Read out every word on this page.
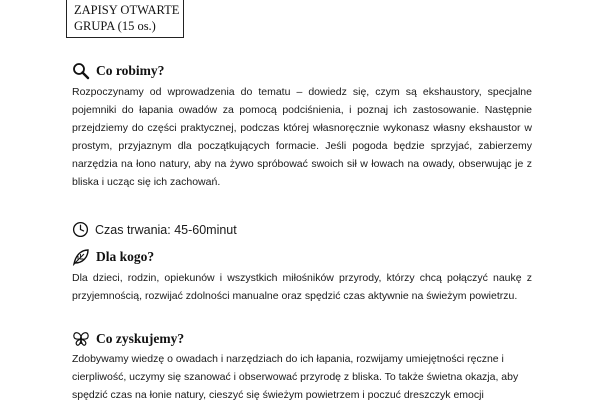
ZAPISY OTWARTE
GRUPA (15 os.)
Co robimy?
Rozpoczynamy od wprowadzenia do tematu – dowiedz się, czym są ekshaustory, specjalne pojemniki do łapania owadów za pomocą podciśnienia, i poznaj ich zastosowanie. Następnie przejdziemy do części praktycznej, podczas której własnoręcznie wykonasz własny ekshaustor w prostym, przyjaznym dla początkujących formacie. Jeśli pogoda będzie sprzyjać, zabierzemy narzędzia na łono natury, aby na żywo spróbować swoich sił w łowach na owady, obserwując je z bliska i ucząc się ich zachowań.
Czas trwania: 45-60minut
Dla kogo?
Dla dzieci, rodzin, opiekunów i wszystkich miłośników przyrody, którzy chcą połączyć naukę z przyjemnością, rozwijać zdolności manualne oraz spędzić czas aktywnie na świeżym powietrzu.
Co zyskujemy?
Zdobywamy wiedzę o owadach i narzędziach do ich łapania, rozwijamy umiejętności ręczne i cierpliwość, uczymy się szanować i obserwować przyrodę z bliska. To także świetna okazja, aby spędzić czas na łonie natury, cieszyć się świeżym powietrzem i poczuć dreszczyk emocji
